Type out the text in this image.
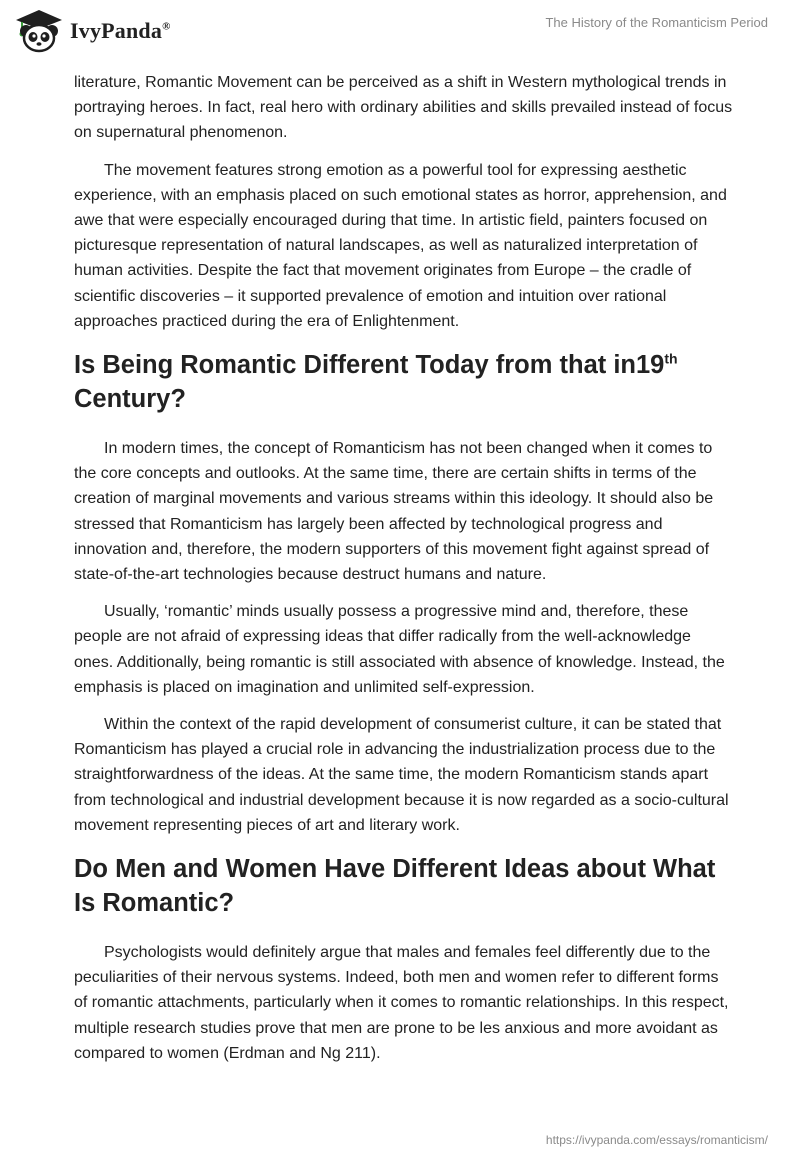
IvyPanda®	The History of the Romanticism Period

literature, Romantic Movement can be perceived as a shift in Western mythological trends in portraying heroes. In fact, real hero with ordinary abilities and skills prevailed instead of focus on supernatural phenomenon.

The movement features strong emotion as a powerful tool for expressing aesthetic experience, with an emphasis placed on such emotional states as horror, apprehension, and awe that were especially encouraged during that time. In artistic field, painters focused on picturesque representation of natural landscapes, as well as naturalized interpretation of human activities. Despite the fact that movement originates from Europe – the cradle of scientific discoveries – it supported prevalence of emotion and intuition over rational approaches practiced during the era of Enlightenment.

Is Being Romantic Different Today from that in19th
Century?

In modern times, the concept of Romanticism has not been changed when it comes to the core concepts and outlooks. At the same time, there are certain shifts in terms of the creation of marginal movements and various streams within this ideology. It should also be stressed that Romanticism has largely been affected by technological progress and innovation and, therefore, the modern supporters of this movement fight against spread of state-of-the-art technologies because destruct humans and nature.

Usually, ‘romantic’ minds usually possess a progressive mind and, therefore, these people are not afraid of expressing ideas that differ radically from the well-acknowledge ones. Additionally, being romantic is still associated with absence of knowledge. Instead, the emphasis is placed on imagination and unlimited self-expression.

Within the context of the rapid development of consumerist culture, it can be stated that Romanticism has played a crucial role in advancing the industrialization process due to the straightforwardness of the ideas. At the same time, the modern Romanticism stands apart from technological and industrial development because it is now regarded as a socio-cultural movement representing pieces of art and literary work.

Do Men and Women Have Different Ideas about What Is Romantic?

Psychologists would definitely argue that males and females feel differently due to the peculiarities of their nervous systems. Indeed, both men and women refer to different forms of romantic attachments, particularly when it comes to romantic relationships. In this respect, multiple research studies prove that men are prone to be les anxious and more avoidant as compared to women (Erdman and Ng 211).

https://ivypanda.com/essays/romanticism/
